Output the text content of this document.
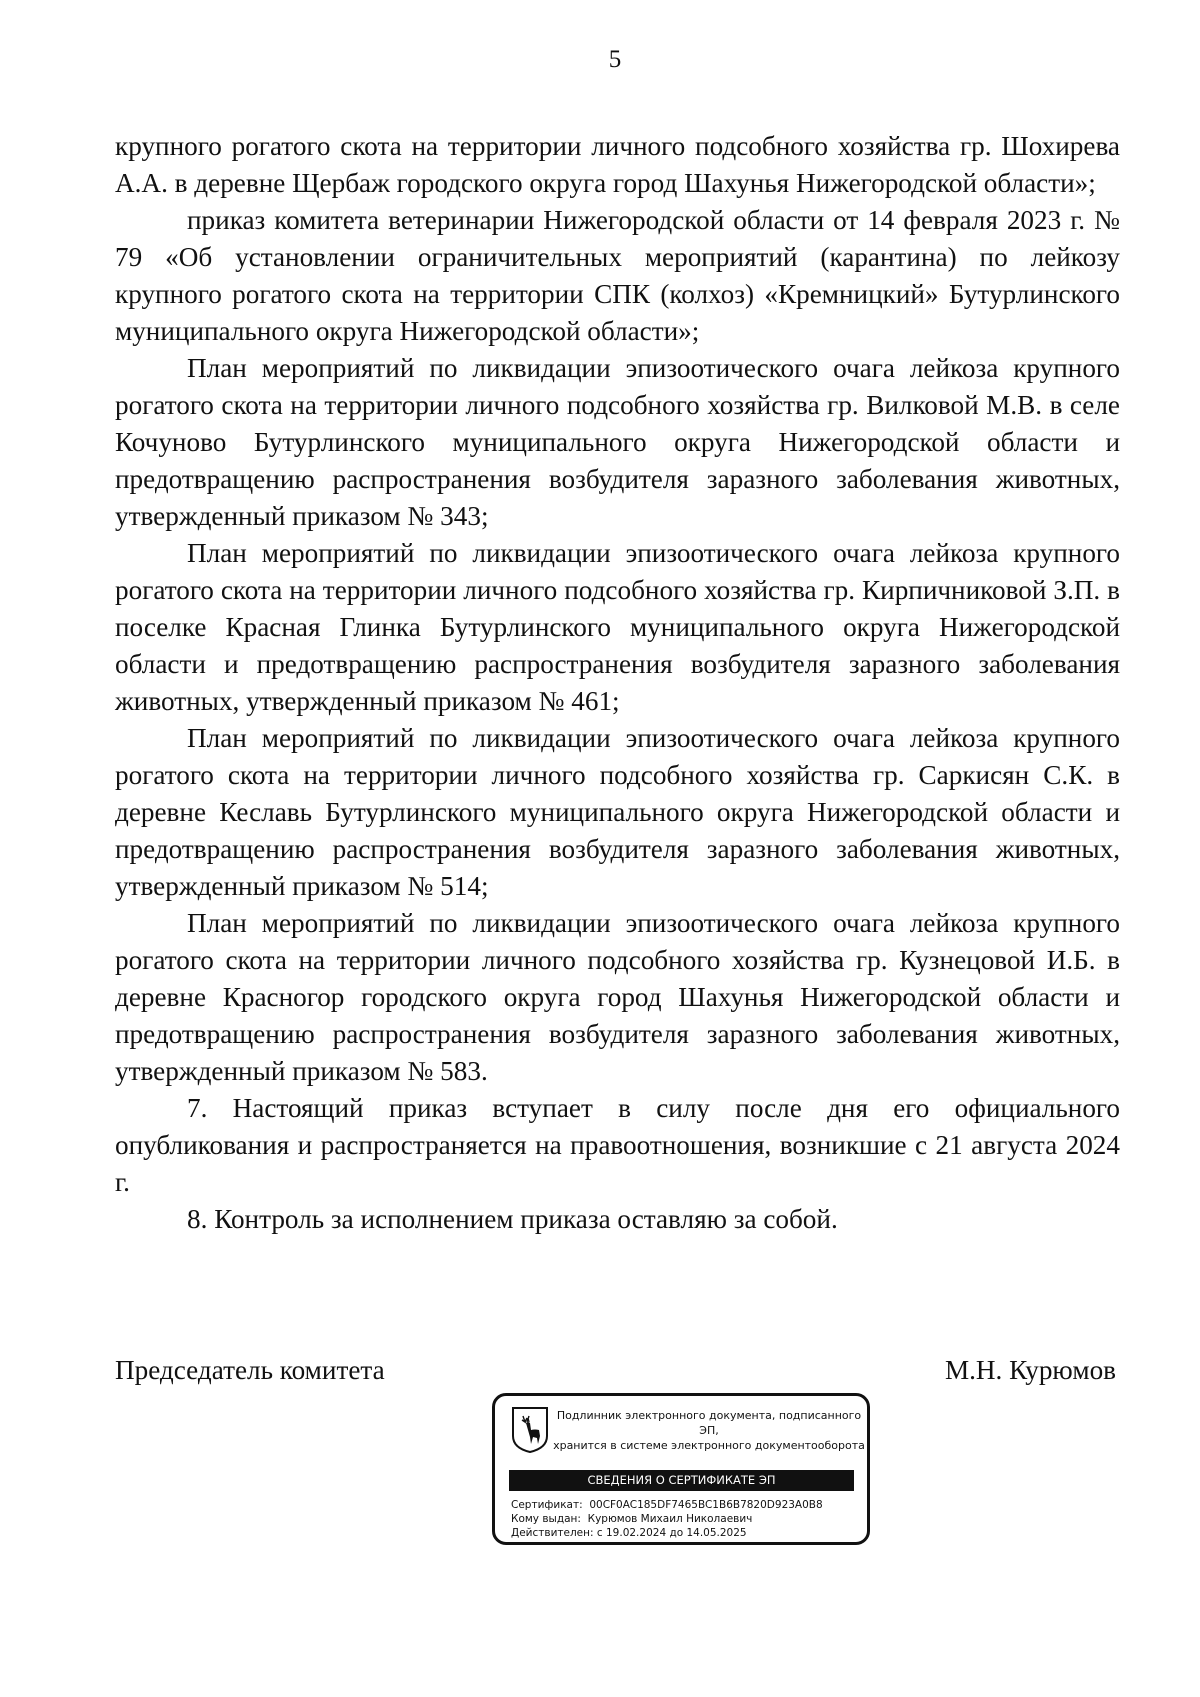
5

крупного рогатого скота на территории личного подсобного хозяйства гр. Шохирева А.А. в деревне Щербаж городского округа город Шахунья Нижегородской области»;

приказ комитета ветеринарии Нижегородской области от 14 февраля 2023 г. № 79 «Об установлении ограничительных мероприятий (карантина) по лейкозу крупного рогатого скота на территории СПК (колхоз) «Кремницкий» Бутурлинского муниципального округа Нижегородской области»;

План мероприятий по ликвидации эпизоотического очага лейкоза крупного рогатого скота на территории личного подсобного хозяйства гр. Вилковой М.В. в селе Кочуново Бутурлинского муниципального округа Нижегородской области и предотвращению распространения возбудителя заразного заболевания животных, утвержденный приказом № 343;

План мероприятий по ликвидации эпизоотического очага лейкоза крупного рогатого скота на территории личного подсобного хозяйства гр. Кирпичниковой З.П. в поселке Красная Глинка Бутурлинского муниципального округа Нижегородской области и предотвращению распространения возбудителя заразного заболевания животных, утвержденный приказом № 461;

План мероприятий по ликвидации эпизоотического очага лейкоза крупного рогатого скота на территории личного подсобного хозяйства гр. Саркисян С.К. в деревне Кеславь Бутурлинского муниципального округа Нижегородской области и предотвращению распространения возбудителя заразного заболевания животных, утвержденный приказом № 514;

План мероприятий по ликвидации эпизоотического очага лейкоза крупного рогатого скота на территории личного подсобного хозяйства гр. Кузнецовой И.Б. в деревне Красногор городского округа город Шахунья Нижегородской области и предотвращению распространения возбудителя заразного заболевания животных, утвержденный приказом № 583.

7. Настоящий приказ вступает в силу после дня его официального опубликования и распространяется на правоотношения, возникшие с 21 августа 2024 г.

8. Контроль за исполнением приказа оставляю за собой.

Председатель комитета	М.Н. Курюмов
Подлинник электронного документа, подписанного ЭП,
хранится в системе электронного документооборота
СВЕДЕНИЯ О СЕРТИФИКАТЕ ЭП
Сертификат: 00CF0AC185DF7465BC1B6B7820D923A0B8
Кому выдан: Курюмов Михаил Николаевич
Действителен: с 19.02.2024 до 14.05.2025
